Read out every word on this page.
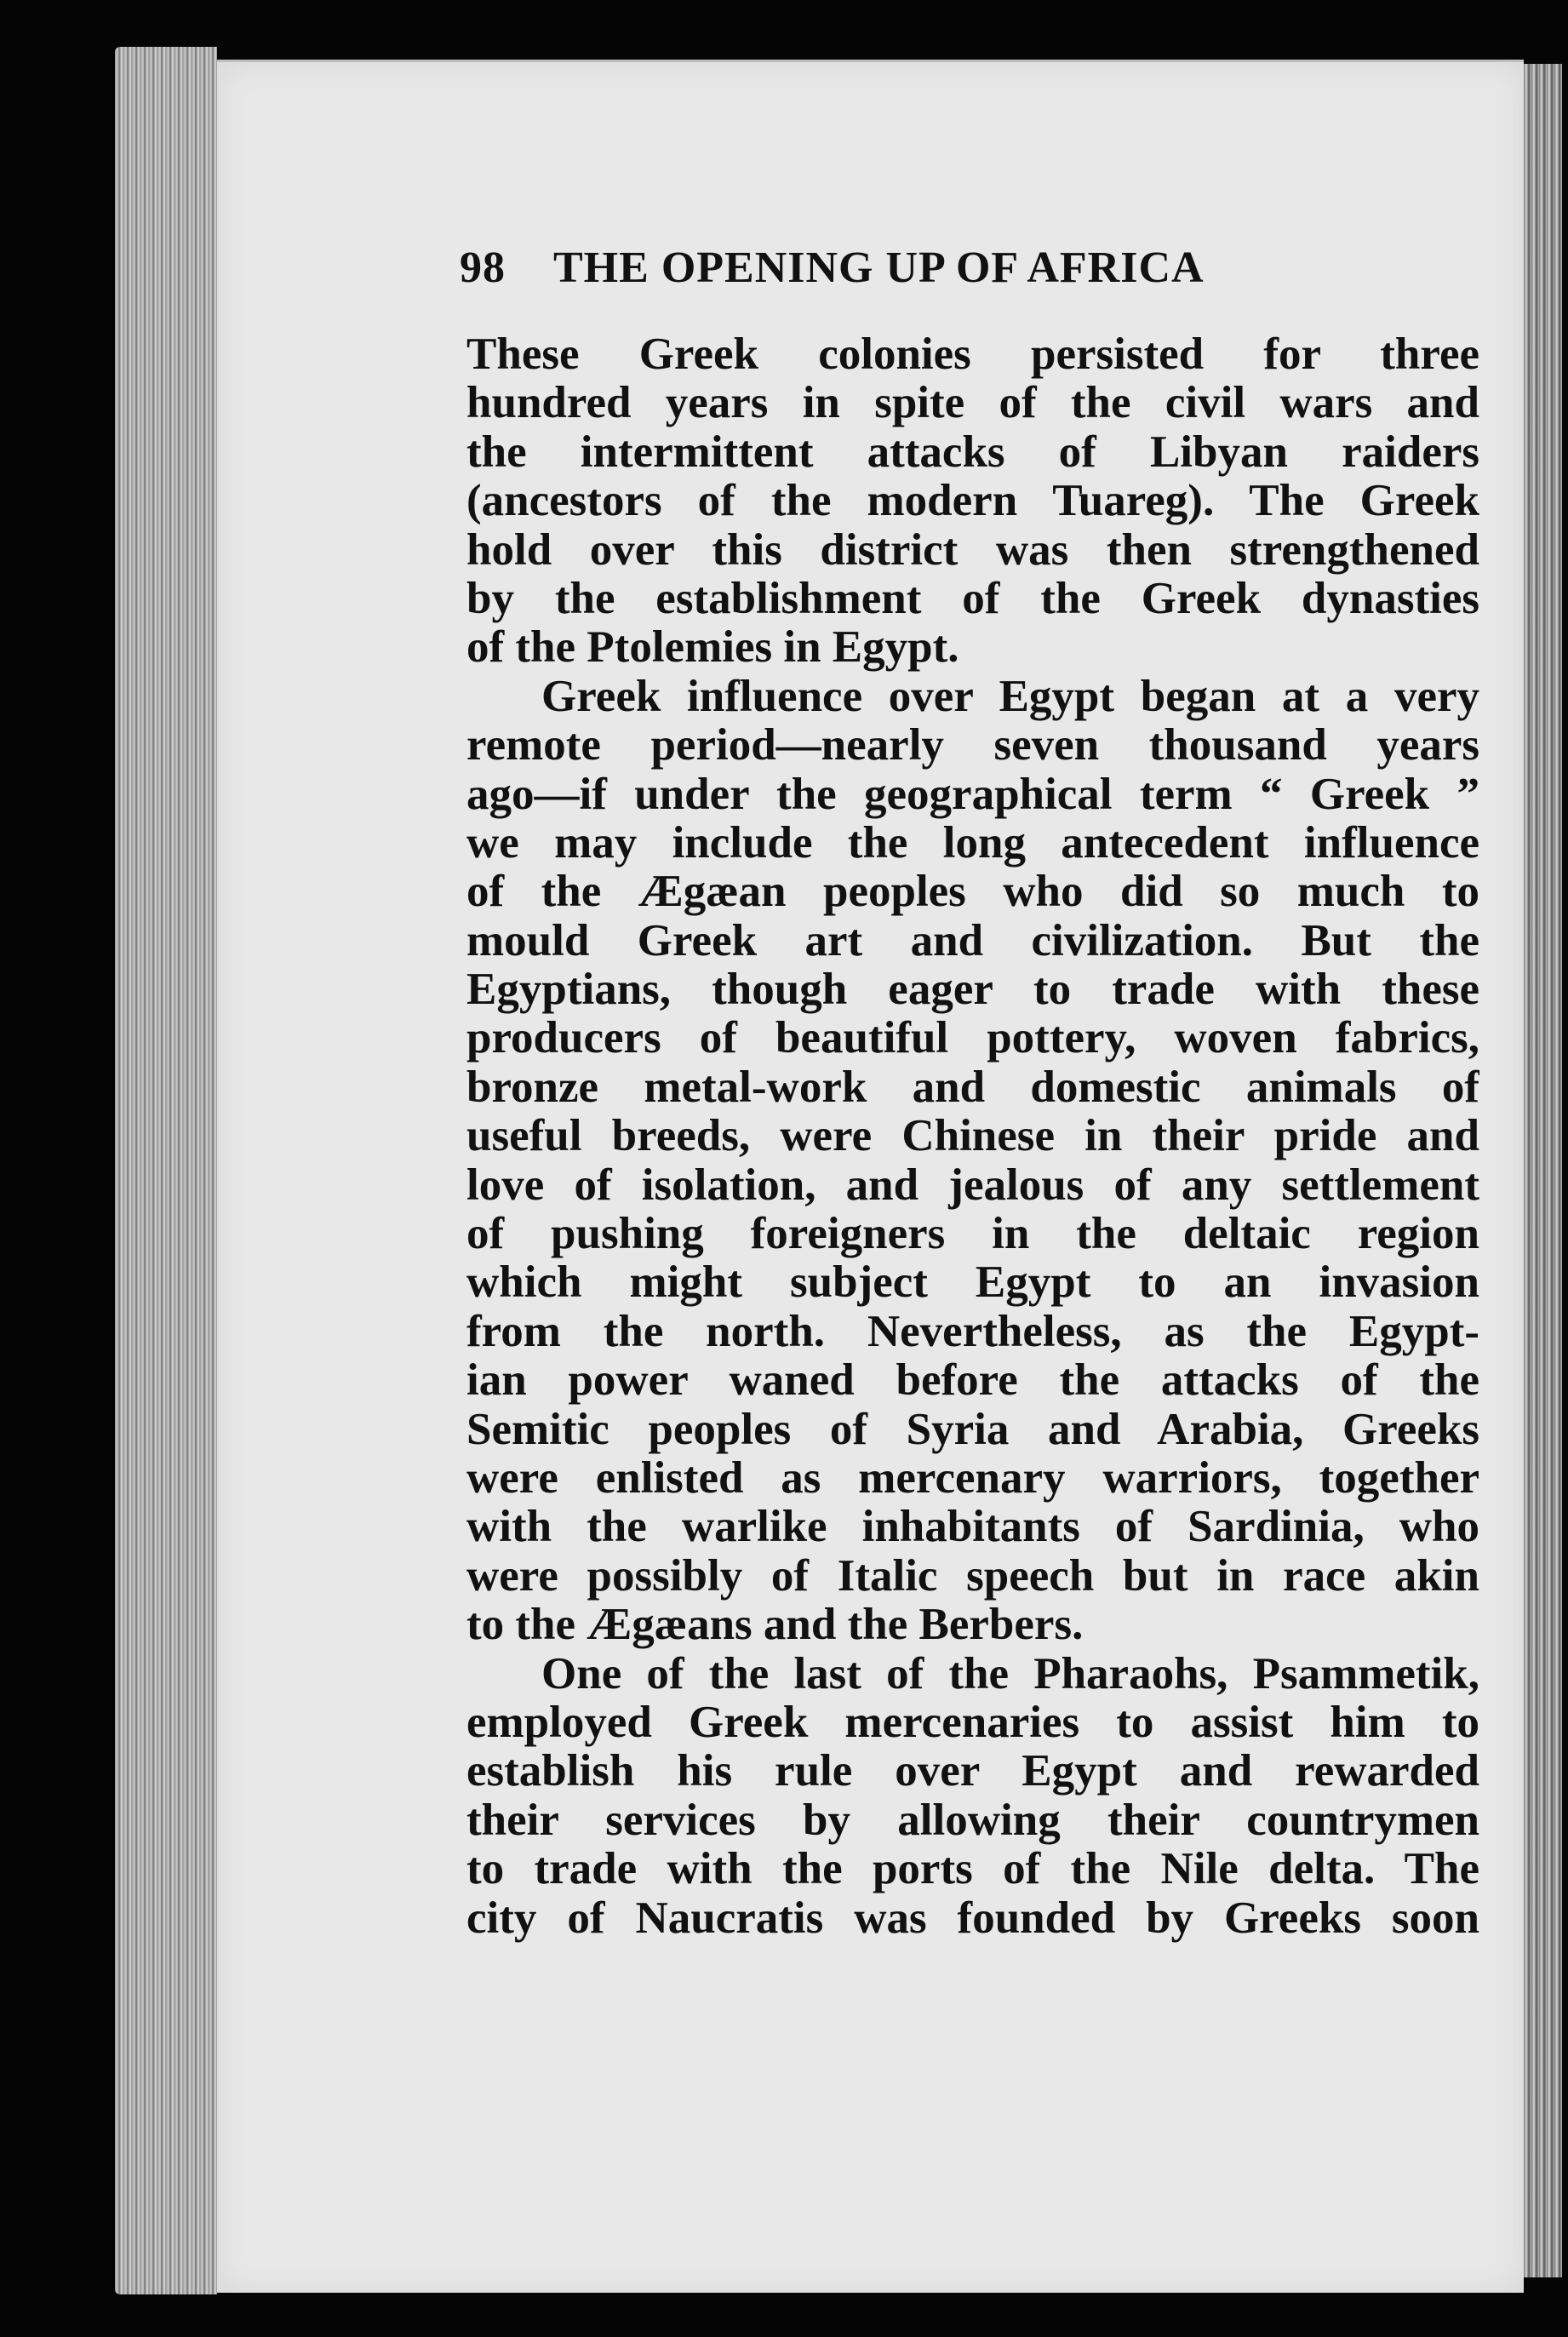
98 THE OPENING UP OF AFRICA
These Greek colonies persisted for three
hundred years in spite of the civil wars and
the intermittent attacks of Libyan raiders
(ancestors of the modern Tuareg). The Greek
hold over this district was then strengthened
by the establishment of the Greek dynasties
of the Ptolemies in Egypt.
Greek influence over Egypt began at a very
remote period—nearly seven thousand years
ago—if under the geographical term “ Greek ”
we may include the long antecedent influence
of the Ægæan peoples who did so much to
mould Greek art and civilization. But the
Egyptians, though eager to trade with these
producers of beautiful pottery, woven fabrics,
bronze metal-work and domestic animals of
useful breeds, were Chinese in their pride and
love of isolation, and jealous of any settlement
of pushing foreigners in the deltaic region
which might subject Egypt to an invasion
from the north. Nevertheless, as the Egypt-
ian power waned before the attacks of the
Semitic peoples of Syria and Arabia, Greeks
were enlisted as mercenary warriors, together
with the warlike inhabitants of Sardinia, who
were possibly of Italic speech but in race akin
to the Ægæans and the Berbers.
One of the last of the Pharaohs, Psammetik,
employed Greek mercenaries to assist him to
establish his rule over Egypt and rewarded
their services by allowing their countrymen
to trade with the ports of the Nile delta. The
city of Naucratis was founded by Greeks soon
